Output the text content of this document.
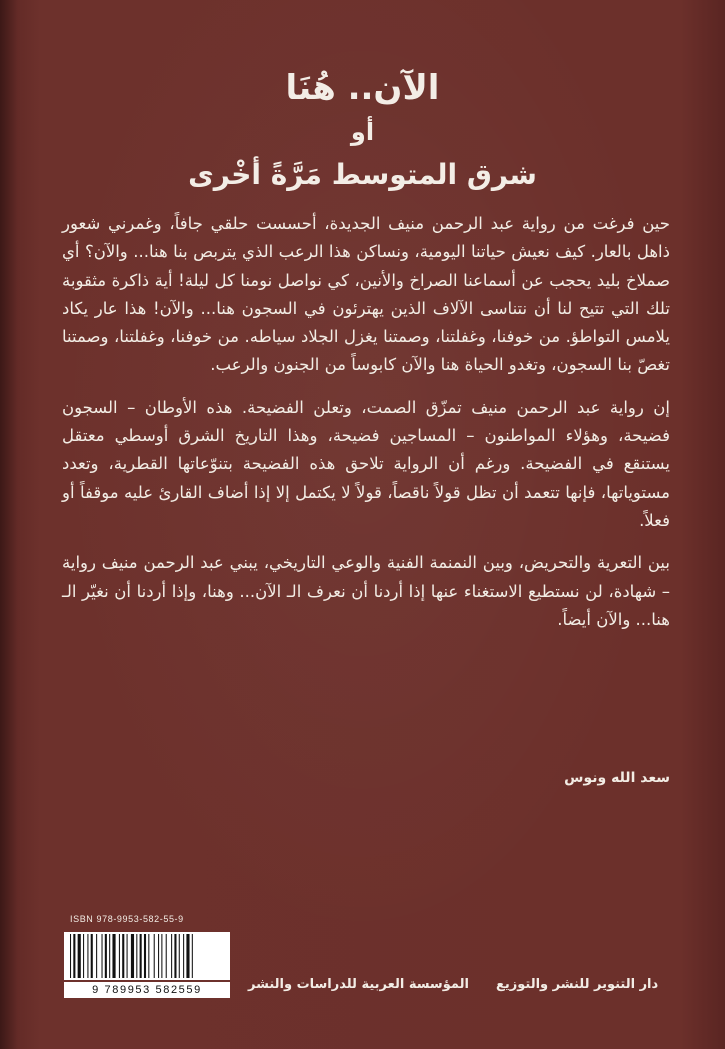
الآن.. هُنَا
أو
شرق المتوسط مَرَّةً أخْرى

حين فرغت من رواية عبد الرحمن منيف الجديدة، أحسست حلقي جافاً، وغمرني شعور ذاهل بالعار. كيف نعيش حياتنا اليومية، ونساكن هذا الرعب الذي يتربص بنا هنا... والآن؟ أي صملاخ بليد يحجب عن أسماعنا الصراخ والأنين، كي نواصل نومنا كل ليلة! أية ذاكرة مثقوبة تلك التي تتيح لنا أن نتناسى الآلاف الذين يهترئون في السجون هنا... والآن! هذا عار يكاد يلامس التواطؤ. من خوفنا، وغفلتنا، وصمتنا يغزل الجلاد سياطه. من خوفنا، وغفلتنا، وصمتنا تغصّ بنا السجون، وتغدو الحياة هنا والآن كابوساً من الجنون والرعب.

إن رواية عبد الرحمن منيف تمزّق الصمت، وتعلن الفضيحة. هذه الأوطان – السجون فضيحة، وهؤلاء المواطنون – المساجين فضيحة، وهذا التاريخ الشرق أوسطي معتقل يستنقع في الفضيحة. ورغم أن الرواية تلاحق هذه الفضيحة بتنوّعاتها القطرية، وتعدد مستوياتها، فإنها تتعمد أن تظل قولاً ناقصاً، قولاً لا يكتمل إلا إذا أضاف القارئ عليه موقفاً أو فعلاً.

بين التعرية والتحريض، وبين النمنمة الفنية والوعي التاريخي، يبني عبد الرحمن منيف رواية – شهادة، لن نستطيع الاستغناء عنها إذا أردنا أن نعرف الـ الآن... وهنا، وإذا أردنا أن نغيّر الـ هنا... والآن أيضاً.

سعد الله ونوس
ISBN 978-9953-582-55-9
9 789953 582559	المؤسسة العربية للدراسات والنشر دار التنوير للنشر والتوزيع
